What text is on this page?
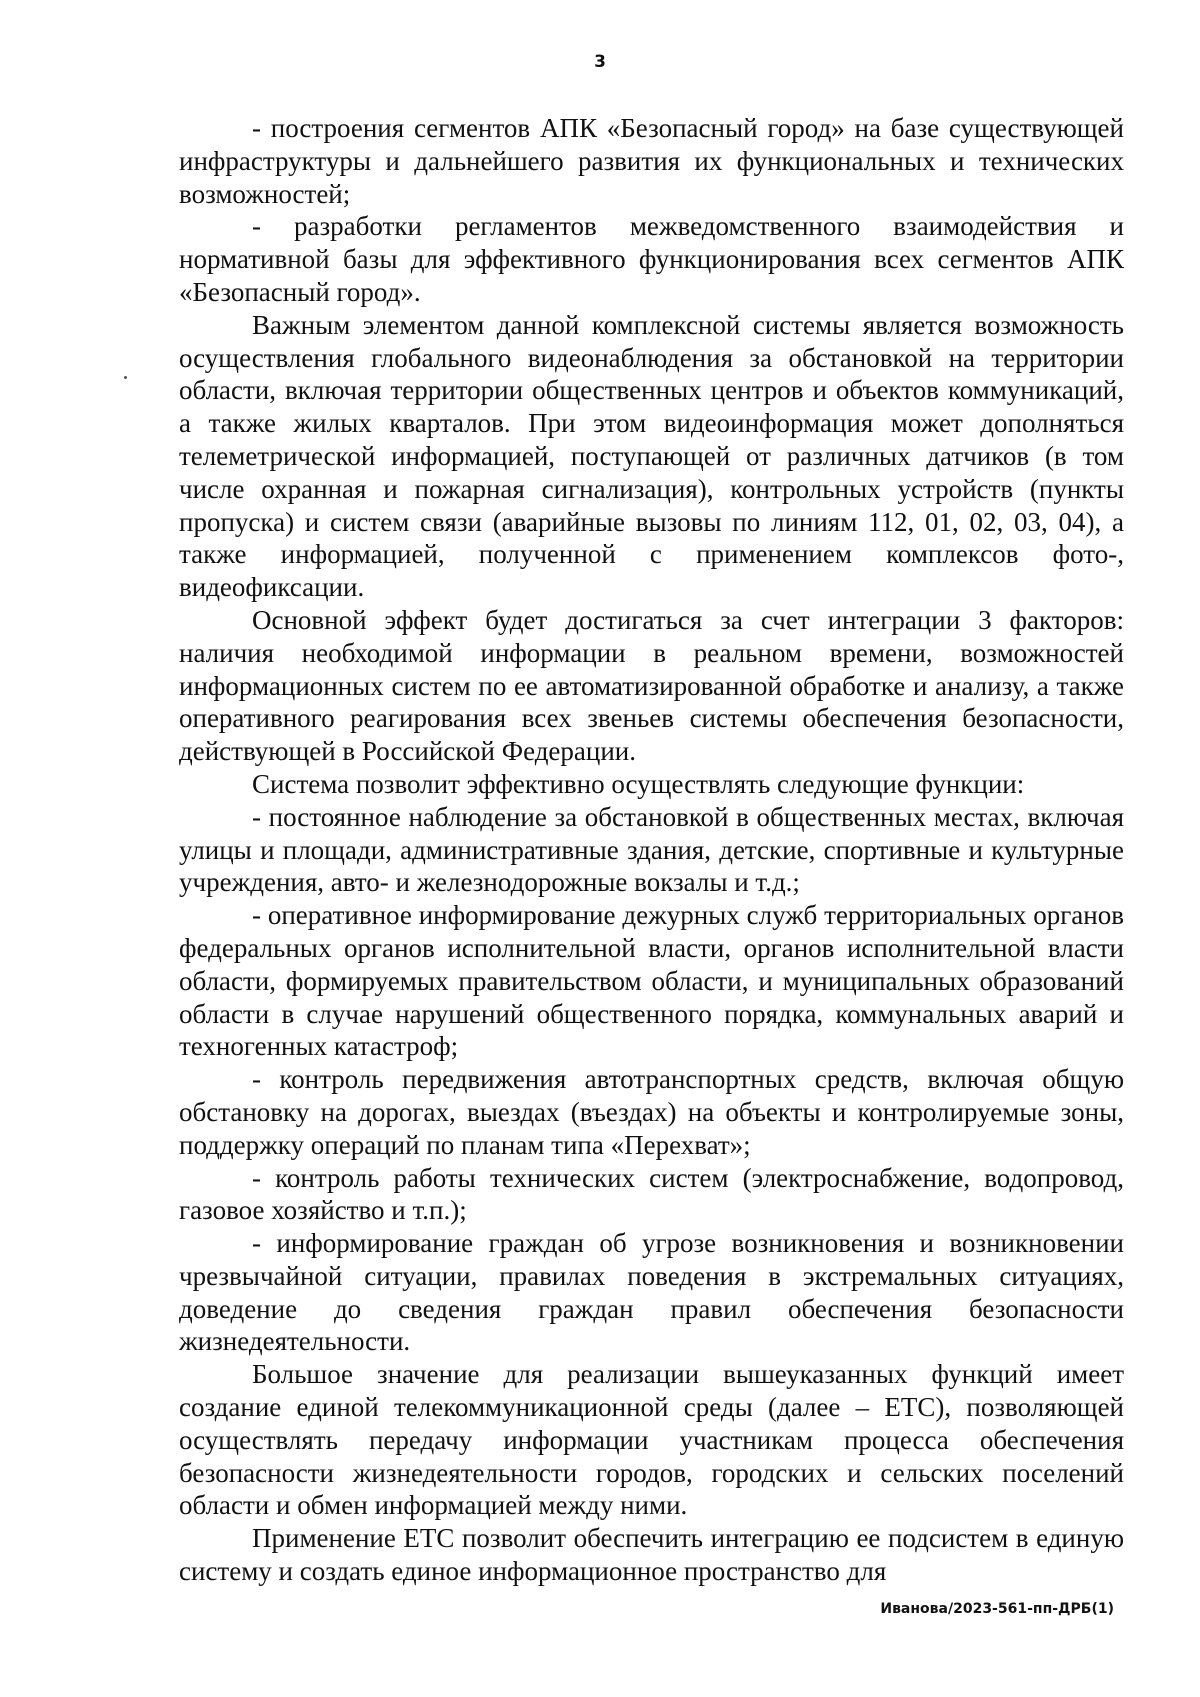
3

- построения сегментов АПК «Безопасный город» на базе существующей инфраструктуры и дальнейшего развития их функциональных и технических возможностей;

- разработки регламентов межведомственного взаимодействия и нормативной базы для эффективного функционирования всех сегментов АПК «Безопасный город».

Важным элементом данной комплексной системы является возможность осуществления глобального видеонаблюдения за обстановкой на территории области, включая территории общественных центров и объектов коммуникаций, а также жилых кварталов. При этом видеоинформация может дополняться телеметрической информацией, поступающей от различных датчиков (в том числе охранная и пожарная сигнализация), контрольных устройств (пункты пропуска) и систем связи (аварийные вызовы по линиям 112, 01, 02, 03, 04), а также информацией, полученной с применением комплексов фото-, видеофиксации.

Основной эффект будет достигаться за счет интеграции 3 факторов: наличия необходимой информации в реальном времени, возможностей информационных систем по ее автоматизированной обработке и анализу, а также оперативного реагирования всех звеньев системы обеспечения безопасности, действующей в Российской Федерации.

Система позволит эффективно осуществлять следующие функции:

- постоянное наблюдение за обстановкой в общественных местах, включая улицы и площади, административные здания, детские, спортивные и культурные учреждения, авто- и железнодорожные вокзалы и т.д.;

- оперативное информирование дежурных служб территориальных органов федеральных органов исполнительной власти, органов исполнительной власти области, формируемых правительством области, и муниципальных образований области в случае нарушений общественного порядка, коммунальных аварий и техногенных катастроф;

- контроль передвижения автотранспортных средств, включая общую обстановку на дорогах, выездах (въездах) на объекты и контролируемые зоны, поддержку операций по планам типа «Перехват»;

- контроль работы технических систем (электроснабжение, водопровод, газовое хозяйство и т.п.);

- информирование граждан об угрозе возникновения и возникновении чрезвычайной ситуации, правилах поведения в экстремальных ситуациях, доведение до сведения граждан правил обеспечения безопасности жизнедеятельности.

Большое значение для реализации вышеуказанных функций имеет создание единой телекоммуникационной среды (далее – ЕТС), позволяющей осуществлять передачу информации участникам процесса обеспечения безопасности жизнедеятельности городов, городских и сельских поселений области и обмен информацией между ними.

Применение ЕТС позволит обеспечить интеграцию ее подсистем в единую систему и создать единое информационное пространство для

Иванова/2023-561-пп-ДРБ(1)
